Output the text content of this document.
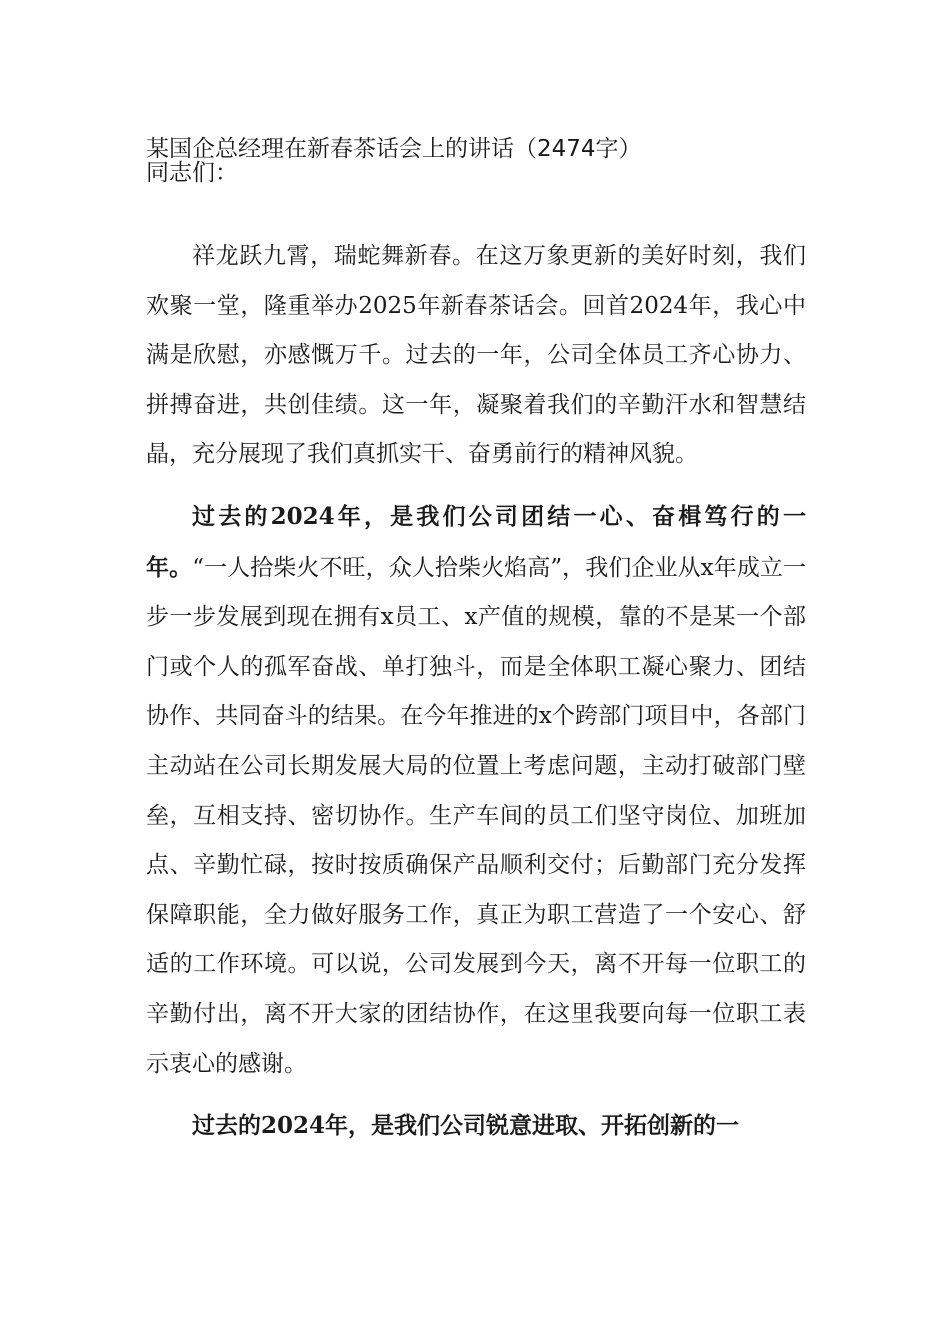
某国企总经理在新春茶话会上的讲话（2474字）
同志们：

祥龙跃九霄，瑞蛇舞新春。在这万象更新的美好时刻，我们欢聚一堂，隆重举办2025年新春茶话会。回首2024年，我心中满是欣慰，亦感慨万千。过去的一年，公司全体员工齐心协力、拼搏奋进，共创佳绩。这一年，凝聚着我们的辛勤汗水和智慧结晶，充分展现了我们真抓实干、奋勇前行的精神风貌。

过去的2024年，是我们公司团结一心、奋楫笃行的一年。“一人拾柴火不旺，众人拾柴火焰高”，我们企业从x年成立一步一步发展到现在拥有x员工、x产值的规模，靠的不是某一个部门或个人的孤军奋战、单打独斗，而是全体职工凝心聚力、团结协作、共同奋斗的结果。在今年推进的x个跨部门项目中，各部门主动站在公司长期发展大局的位置上考虑问题，主动打破部门壁垒，互相支持、密切协作。生产车间的员工们坚守岗位、加班加点、辛勤忙碌，按时按质确保产品顺利交付；后勤部门充分发挥保障职能，全力做好服务工作，真正为职工营造了一个安心、舒适的工作环境。可以说，公司发展到今天，离不开每一位职工的辛勤付出，离不开大家的团结协作，在这里我要向每一位职工表示衷心的感谢。

过去的2024年，是我们公司锐意进取、开拓创新的一
